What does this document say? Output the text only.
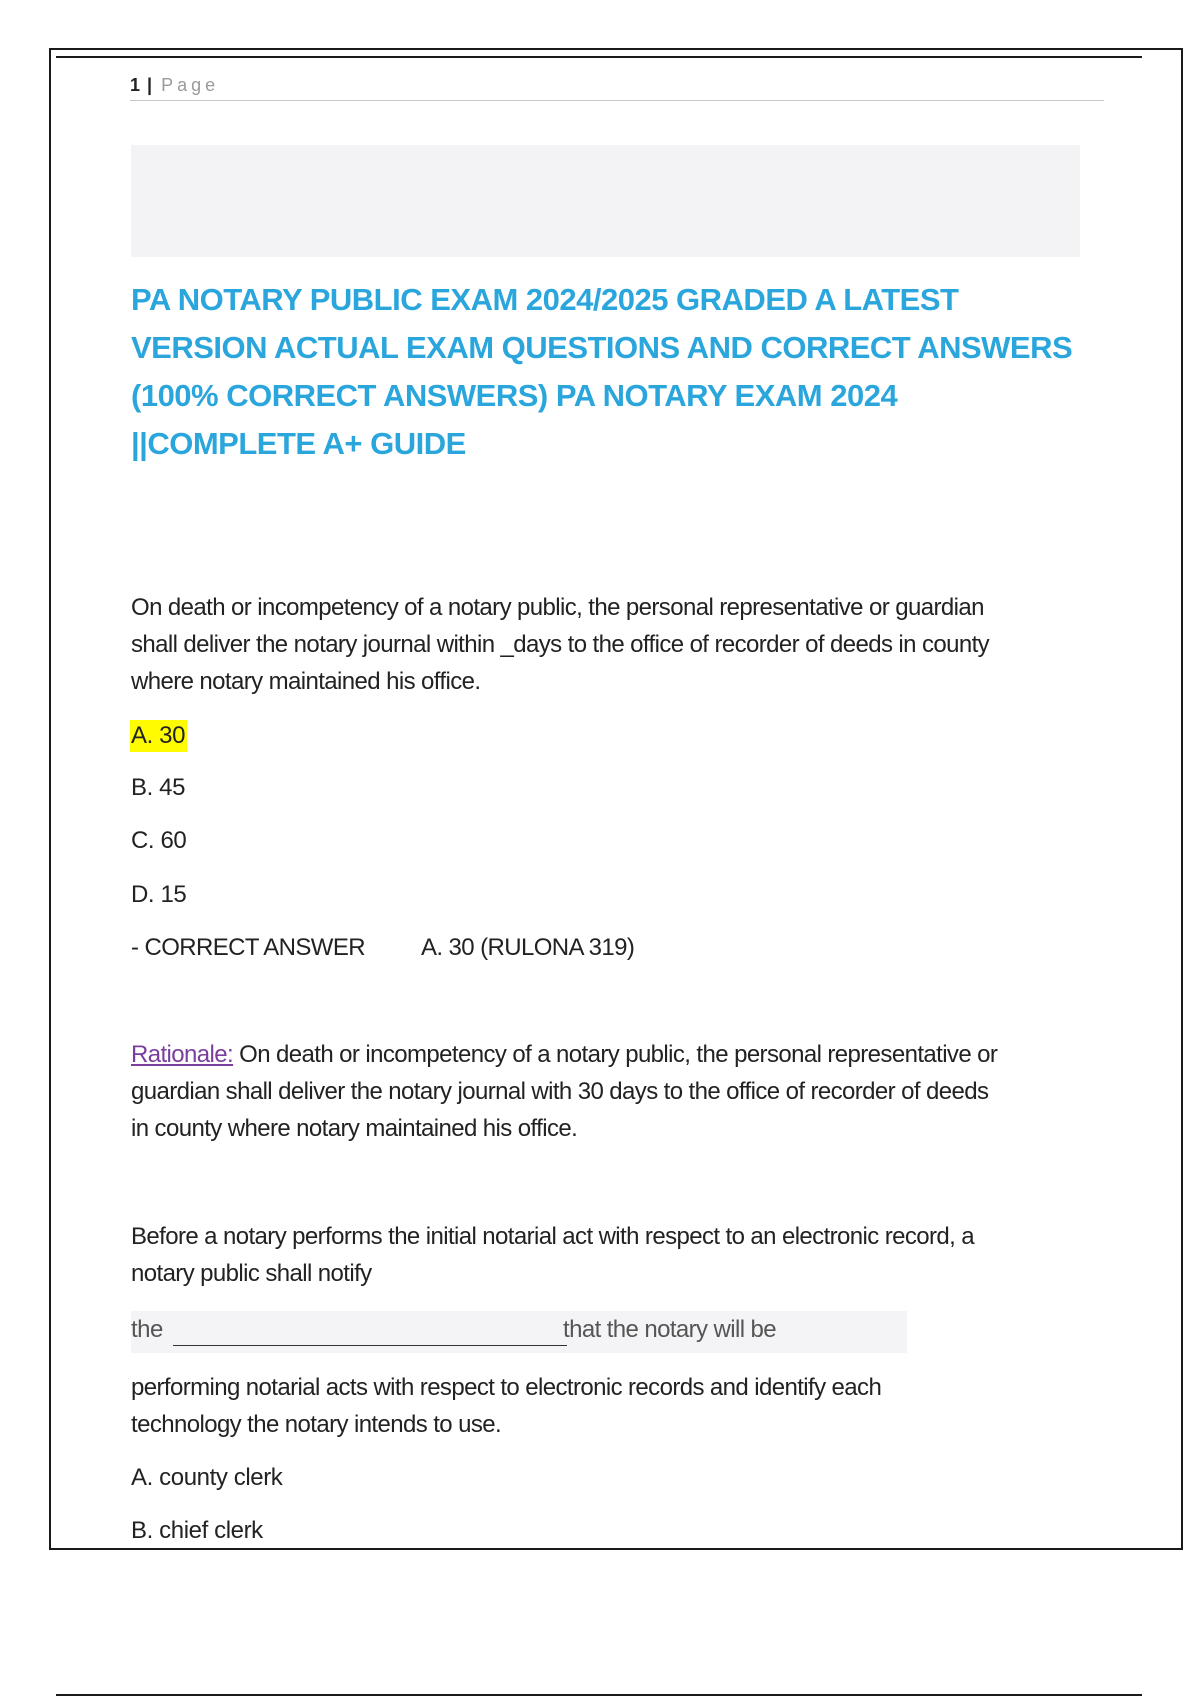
1 | Page
PA NOTARY PUBLIC EXAM 2024/2025 GRADED A LATEST
VERSION ACTUAL EXAM QUESTIONS AND CORRECT ANSWERS
(100% CORRECT ANSWERS) PA NOTARY EXAM 2024
||COMPLETE A+ GUIDE
On death or incompetency of a notary public, the personal representative or guardian
shall deliver the notary journal within _days to the office of recorder of deeds in county
where notary maintained his office.
A. 30
B. 45
C. 60
D. 15
- CORRECT ANSWER A. 30 (RULONA 319)
Rationale: On death or incompetency of a notary public, the personal representative or
guardian shall deliver the notary journal with 30 days to the office of recorder of deeds
in county where notary maintained his office.
Before a notary performs the initial notarial act with respect to an electronic record, a
notary public shall notify
the	that the notary will be
performing notarial acts with respect to electronic records and identify each
technology the notary intends to use.
A. county clerk
B. chief clerk
